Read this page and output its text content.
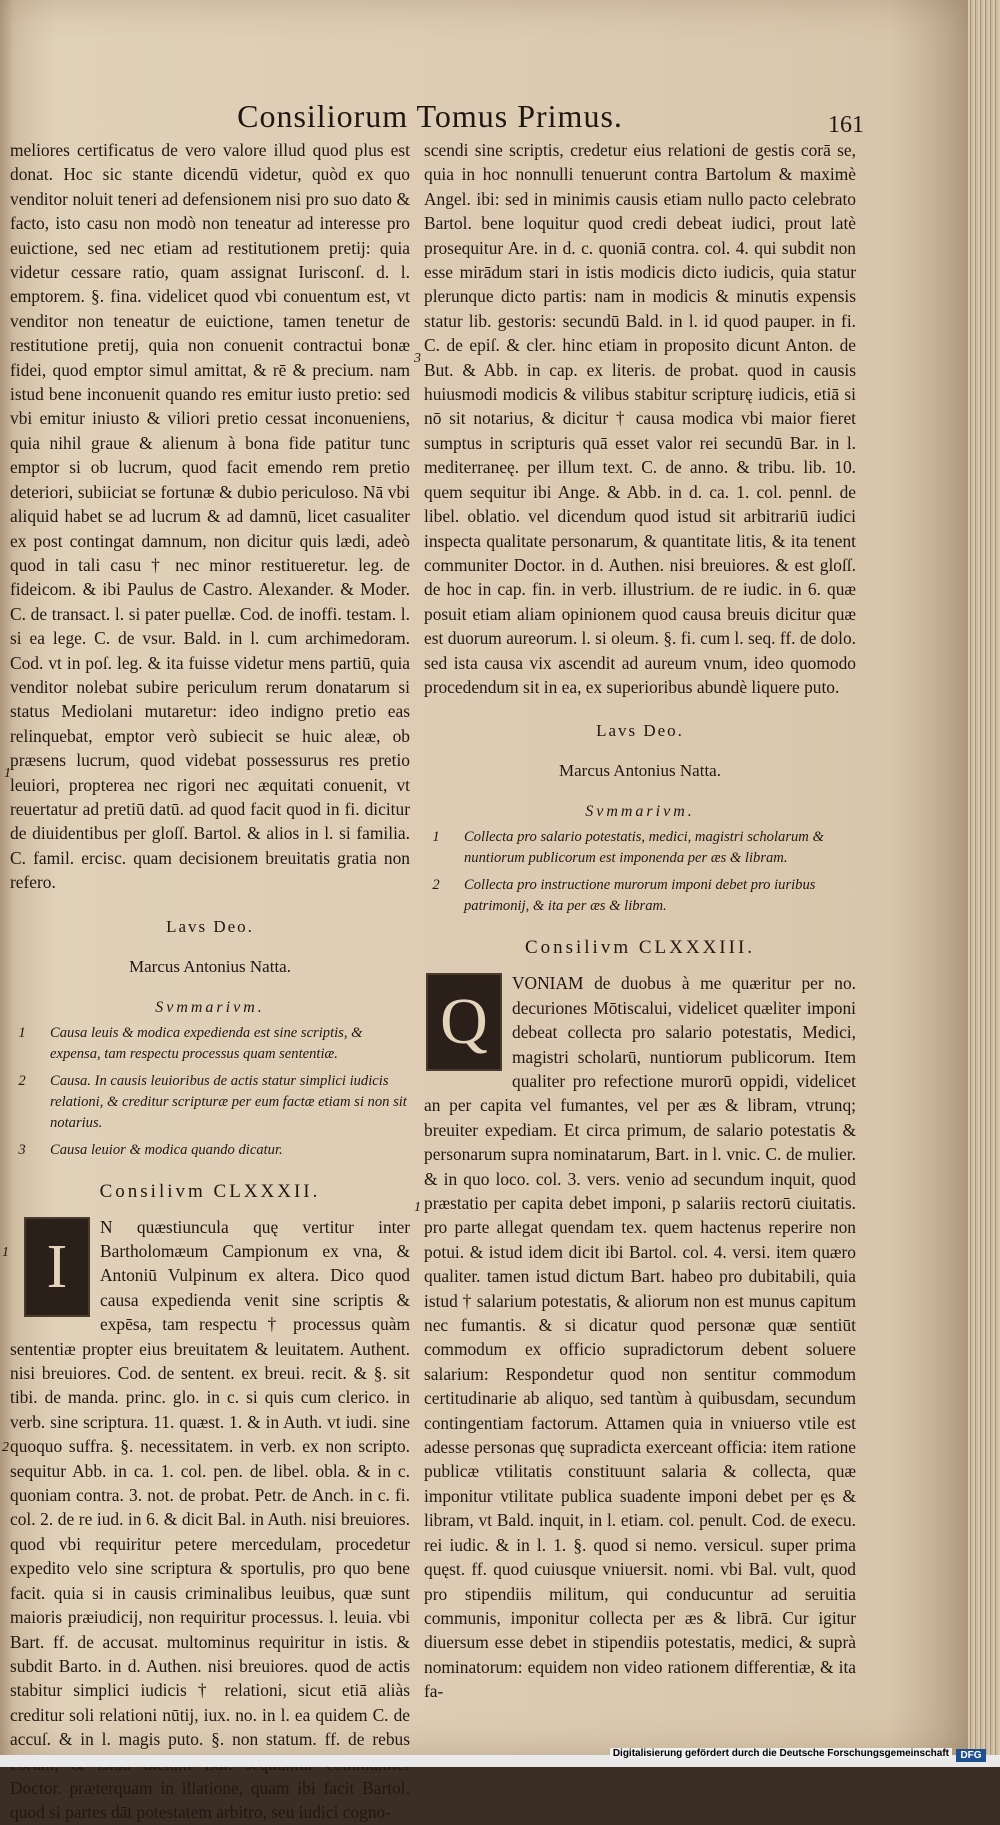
Consiliorum Tomus Primus.	161
1

meliores certificatus de vero valore illud quod plus est donat. Hoc sic stante dicendū videtur, quòd ex quo venditor noluit teneri ad defensionem nisi pro suo dato & facto, isto casu non modò non teneatur ad interesse pro euictione, sed nec etiam ad restitutionem pretij: quia videtur cessare ratio, quam assignat Iurisconſ. d. l. emptorem. §. fina. videlicet quod vbi conuentum est, vt venditor non teneatur de euictione, tamen tenetur de restitutione pretij, quia non conuenit contractui bonæ fidei, quod emptor simul amittat, & rē & precium. nam istud bene inconuenit quando res emitur iusto pretio: sed vbi emitur iniusto & viliori pretio cessat inconueniens, quia nihil graue & alienum à bona fide patitur tunc emptor si ob lucrum, quod facit emendo rem pretio deteriori, subiiciat se fortunæ & dubio periculoso. Nā vbi aliquid habet se ad lucrum & ad damnū, licet casualiter ex post contingat damnum, non dicitur quis lædi, adeò quod in tali casu † nec minor restitueretur. leg. de fideicom. & ibi Paulus de Castro. Alexander. & Moder. C. de transact. l. si pater puellæ. Cod. de inoffi. testam. l. si ea lege. C. de vsur. Bald. in l. cum archimedoram. Cod. vt in poſ. leg. & ita fuisse videtur mens partiū, quia venditor nolebat subire periculum rerum donatarum si status Mediolani mutaretur: ideo indigno pretio eas relinquebat, emptor verò subiecit se huic aleæ, ob præsens lucrum, quod videbat possessurus res pretio leuiori, propterea nec rigori nec æquitati conuenit, vt reuertatur ad pretiū datū. ad quod facit quod in fi. dicitur de diuidentibus per gloſſ. Bartol. & alios in l. si familia. C. famil. ercisc. quam decisionem breuitatis gratia non refero.

Lavs Deo.
Marcus Antonius Natta.
Svmmarivm.
1	Causa leuis & modica expedienda est sine scriptis, & expensa, tam respectu processus quam sententiæ.
2	Causa. In causis leuioribus de actis statur simplici iudicis relationi, & creditur scripturæ per eum factæ etiam si non sit notarius.
3	Causa leuior & modica quando dicatur.
Consilivm CLXXXII.
I

N quæstiuncula quę vertitur inter Bartholomæum Campionum ex vna, & Antoniū Vulpinum ex altera. Dico quod causa expedienda venit sine scriptis & expēsa, tam respectu † processus quàm sententiæ propter eius breuitatem & leuitatem. Authent. nisi breuiores. Cod. de sentent. ex breui. recit. & §. sit tibi. de manda. princ. glo. in c. si quis cum clerico. in verb. sine scriptura. 11. quæst. 1. & in Auth. vt iudi. sine quoquo suffra. §. necessitatem. in verb. ex non scripto. sequitur Abb. in ca. 1. col. pen. de libel. obla. & in c. quoniam contra. 3. not. de probat. Petr. de Anch. in c. fi. col. 2. de re iud. in 6. & dicit Bal. in Auth. nisi breuiores. quod vbi requiritur petere mercedulam, procedetur expedito velo sine scriptura & sportulis, pro quo bene facit. quia si in causis criminalibus leuibus, quæ sunt maioris præiudicij, non requiritur processus. l. leuia. vbi Bart. ff. de accusat. multominus requiritur in istis. & subdit Barto. in d. Authen. nisi breuiores. quod de actis stabitur simplici iudicis † relationi, sicut etiā aliàs creditur soli relationi nūtij, iux. no. in l. ea quidem C. de accuſ. & in l. magis puto. §. non statum. ff. de rebus Doctor. præterquam in illatione, quam ibi facit Bartol. quod si partes dāt potestatem arbitro, seu iudici cogno-

1
2
3

scendi sine scriptis, credetur eius relationi de gestis corā se, quia in hoc nonnulli tenuerunt contra Bartolum & maximè Angel. ibi: sed in minimis causis etiam nullo pacto celebrato Bartol. bene loquitur quod credi debeat iudici, prout latè prosequitur Are. in d. c. quoniā contra. col. 4. qui subdit non esse mirādum stari in istis modicis dicto iudicis, quia statur plerunque dicto partis: nam in modicis & minutis expensis statur lib. gestoris: secundū Bald. in l. id quod pauper. in fi. C. de epiſ. & cler. hinc etiam in proposito dicunt Anton. de But. & Abb. in cap. ex literis. de probat. quod in causis huiusmodi modicis & vilibus stabitur scripturę iudicis, etiā si nō sit notarius, & dicitur † causa modica vbi maior fieret sumptus in scripturis quā esset valor rei secundū Bar. in l. mediterraneę. per illum text. C. de anno. & tribu. lib. 10. quem sequitur ibi Ange. & Abb. in d. ca. 1. col. pennl. de libel. oblatio. vel dicendum quod istud sit arbitrariū iudici inspecta qualitate personarum, & quantitate litis, & ita tenent communiter Doctor. in d. Authen. nisi breuiores. & est gloſſ. de hoc in cap. fin. in verb. illustrium. de re iudic. in 6. quæ posuit etiam aliam opinionem quod causa breuis dicitur quæ est duorum aureorum. l. si oleum. §. fi. cum l. seq. ff. de dolo. sed ista causa vix ascendit ad aureum vnum, ideo quomodo procedendum sit in ea, ex superioribus abundè liquere puto.

Lavs Deo.
Marcus Antonius Natta.
Svmmarivm.
1	Collecta pro salario potestatis, medici, magistri scholarum & nuntiorum publicorum est imponenda per æs & libram.
2	Collecta pro instructione murorum imponi debet pro iuribus patrimonij, & ita per æs & libram.
Consilivm CLXXXIII.
Q

VONIAM de duobus à me quæritur per no. decuriones Mōtiscalui, videlicet quæliter imponi debeat collecta pro salario potestatis, Medici, magistri scholarū, nuntiorum publicorum. Item qualiter pro refectione murorū oppidi, videlicet an per capita vel fumantes, vel per æs & libram, vtrunq; breuiter expediam. Et circa primum, de salario potestatis & personarum supra nominatarum, Bart. in l. vnic. C. de mulier. & in quo loco. col. 3. vers. venio ad secundum inquit, quod præstatio per capita debet imponi, p salariis rectorū ciuitatis. pro parte allegat quendam tex. quem hactenus reperire non potui. & istud idem dicit ibi Bartol. col. 4. versi. item quæro qualiter. tamen istud dictum Bart. habeo pro dubitabili, quia istud † salarium potestatis, & aliorum non est munus capitum nec fumantis. & si dicatur quod personæ quæ sentiūt commodum ex officio supradictorum debent soluere salarium: Respondetur quod non sentitur commodum certitudinarie ab aliquo, sed tantùm à quibusdam, secundum contingentiam factorum. Attamen quia in vniuerso vtile est adesse personas quę supradicta exerceant officia: item ratione publicæ vtilitatis constituunt salaria & collecta, quæ imponitur vtilitate publica suadente imponi debet per ęs & libram, vt Bald. inquit, in l. etiam. col. penult. Cod. de execu. rei iudic. & in l. 1. §. quod si nemo. versicul. super prima quęst. ff. quod cuiusque vniuersit. nomi. vbi Bal. vult, quod pro stipendiis militum, qui conducuntur ad seruitia communis, imponitur collecta per æs & librā. Cur igitur diuersum esse debet in stipendiis potestatis, medici, & suprà nominatorum: equidem non video rationem differentiæ, & ita fa-

1
Digitalisierung gefördert durch die Deutsche Forschungsgemeinschaft	DFG
